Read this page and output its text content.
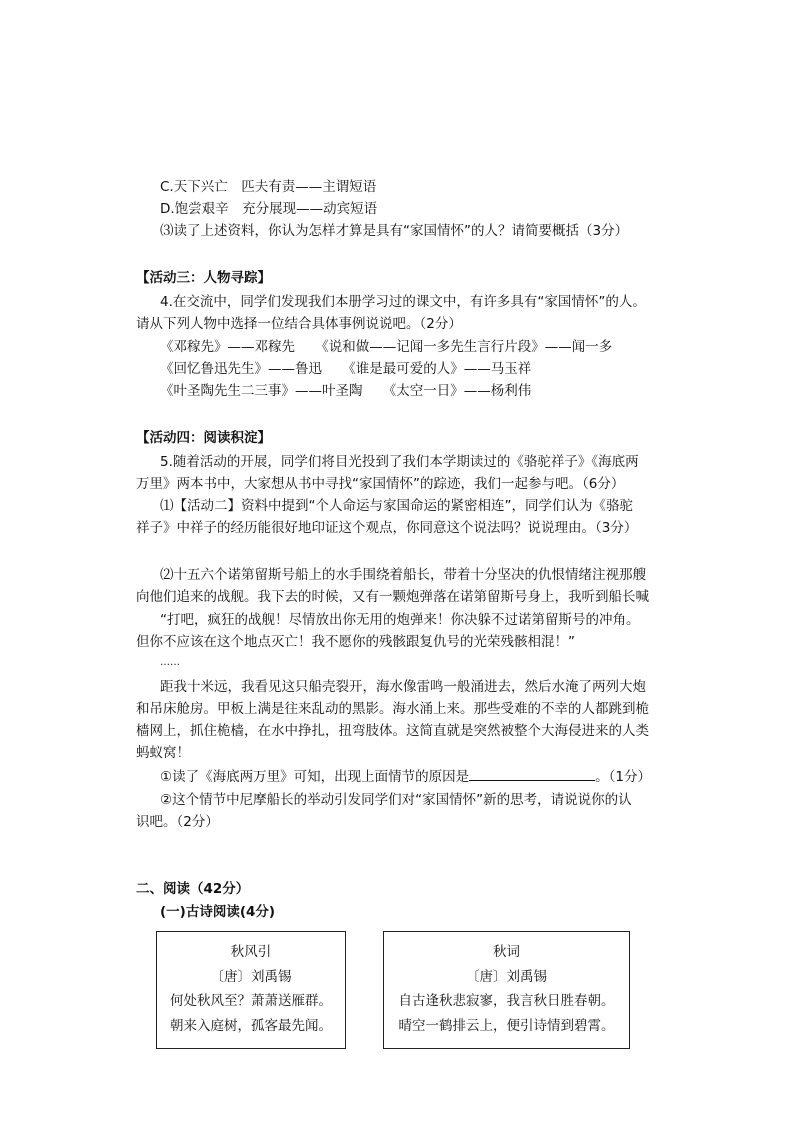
C.天下兴亡　匹夫有责——主谓短语
D.饱尝艰辛　充分展现——动宾短语
⑶读了上述资料，你认为怎样才算是具有“家国情怀”的人？请简要概括（3分）
【活动三：人物寻踪】
4.在交流中，同学们发现我们本册学习过的课文中，有许多具有“家国情怀”的人。
请从下列人物中选择一位结合具体事例说说吧。（2分）
《邓稼先》——邓稼先　　《说和做——记闻一多先生言行片段》——闻一多
《回忆鲁迅先生》——鲁迅　　《谁是最可爱的人》——马玉祥
《叶圣陶先生二三事》——叶圣陶　　《太空一日》——杨利伟
【活动四：阅读积淀】
5.随着活动的开展，同学们将目光投到了我们本学期读过的《骆驼祥子》《海底两
万里》两本书中，大家想从书中寻找“家国情怀”的踪迹，我们一起参与吧。（6分）
⑴【活动二】资料中提到“个人命运与家国命运的紧密相连”，同学们认为《骆驼
祥子》中祥子的经历能很好地印证这个观点，你同意这个说法吗？说说理由。（3分）
⑵十五六个诺第留斯号船上的水手围绕着船长，带着十分坚决的仇恨情绪注视那艘
向他们追来的战舰。我下去的时候，又有一颗炮弹落在诺第留斯号身上，我听到船长喊
“打吧，疯狂的战舰！尽情放出你无用的炮弹来！你决躲不过诺第留斯号的冲角。
但你不应该在这个地点灭亡！我不愿你的残骸跟复仇号的光荣残骸相混！”
……
距我十米远，我看见这只船壳裂开，海水像雷鸣一般涌进去，然后水淹了两列大炮
和吊床舱房。甲板上满是往来乱动的黑影。海水涌上来。那些受难的不幸的人都跳到桅
樯网上，抓住桅樯，在水中挣扎，扭弯肢体。这简直就是突然被整个大海侵进来的人类
蚂蚁窝！
①读了《海底两万里》可知，出现上面情节的原因是	。（1分）
②这个情节中尼摩船长的举动引发同学们对“家国情怀”新的思考，请说说你的认
识吧。（2分）
二、阅读（42分）
(一)古诗阅读(4分)
秋风引
〔唐〕刘禹锡
何处秋风至？萧萧送雁群。
朝来入庭树，孤客最先闻。
秋词
〔唐〕刘禹锡
自古逢秋悲寂寥，我言秋日胜春朝。
晴空一鹤排云上，便引诗情到碧霄。
